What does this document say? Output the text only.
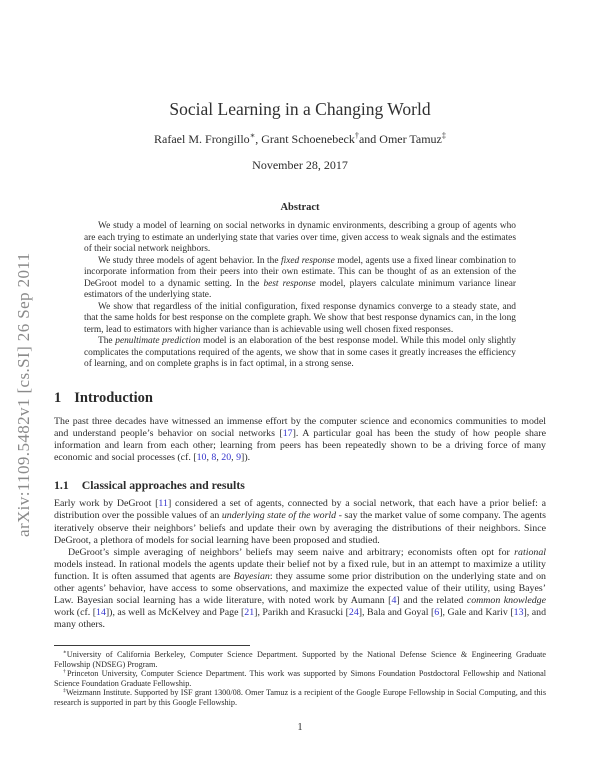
arXiv:1109.5482v1 [cs.SI] 26 Sep 2011
Social Learning in a Changing World
Rafael M. Frongillo∗, Grant Schoenebeck†and Omer Tamuz‡
November 28, 2017
Abstract

We study a model of learning on social networks in dynamic environments, describing a group of agents who are each trying to estimate an underlying state that varies over time, given access to weak signals and the estimates of their social network neighbors.

We study three models of agent behavior. In the fixed response model, agents use a fixed linear combination to incorporate information from their peers into their own estimate. This can be thought of as an extension of the DeGroot model to a dynamic setting. In the best response model, players calculate minimum variance linear estimators of the underlying state.

We show that regardless of the initial configuration, fixed response dynamics converge to a steady state, and that the same holds for best response on the complete graph. We show that best response dynamics can, in the long term, lead to estimators with higher variance than is achievable using well chosen fixed responses.

The penultimate prediction model is an elaboration of the best response model. While this model only slightly complicates the computations required of the agents, we show that in some cases it greatly increases the efficiency of learning, and on complete graphs is in fact optimal, in a strong sense.

1 Introduction

The past three decades have witnessed an immense effort by the computer science and economics communities to model and understand people’s behavior on social networks [17]. A particular goal has been the study of how people share information and learn from each other; learning from peers has been repeatedly shown to be a driving force of many economic and social processes (cf. [10, 8, 20, 9]).

1.1 Classical approaches and results

Early work by DeGroot [11] considered a set of agents, connected by a social network, that each have a prior belief: a distribution over the possible values of an underlying state of the world - say the market value of some company. The agents iteratively observe their neighbors’ beliefs and update their own by averaging the distributions of their neighbors. Since DeGroot, a plethora of models for social learning have been proposed and studied.

DeGroot’s simple averaging of neighbors’ beliefs may seem naive and arbitrary; economists often opt for rational models instead. In rational models the agents update their belief not by a fixed rule, but in an attempt to maximize a utility function. It is often assumed that agents are Bayesian: they assume some prior distribution on the underlying state and on other agents’ behavior, have access to some observations, and maximize the expected value of their utility, using Bayes’ Law. Bayesian social learning has a wide literature, with noted work by Aumann [4] and the related common knowledge work (cf. [14]), as well as McKelvey and Page [21], Parikh and Krasucki [24], Bala and Goyal [6], Gale and Kariv [13], and many others.

∗University of California Berkeley, Computer Science Department. Supported by the National Defense Science & Engineering Graduate Fellowship (NDSEG) Program.

†Princeton University, Computer Science Department. This work was supported by Simons Foundation Postdoctoral Fellowship and National Science Foundation Graduate Fellowship.

‡Weizmann Institute. Supported by ISF grant 1300/08. Omer Tamuz is a recipient of the Google Europe Fellowship in Social Computing, and this research is supported in part by this Google Fellowship.

1
